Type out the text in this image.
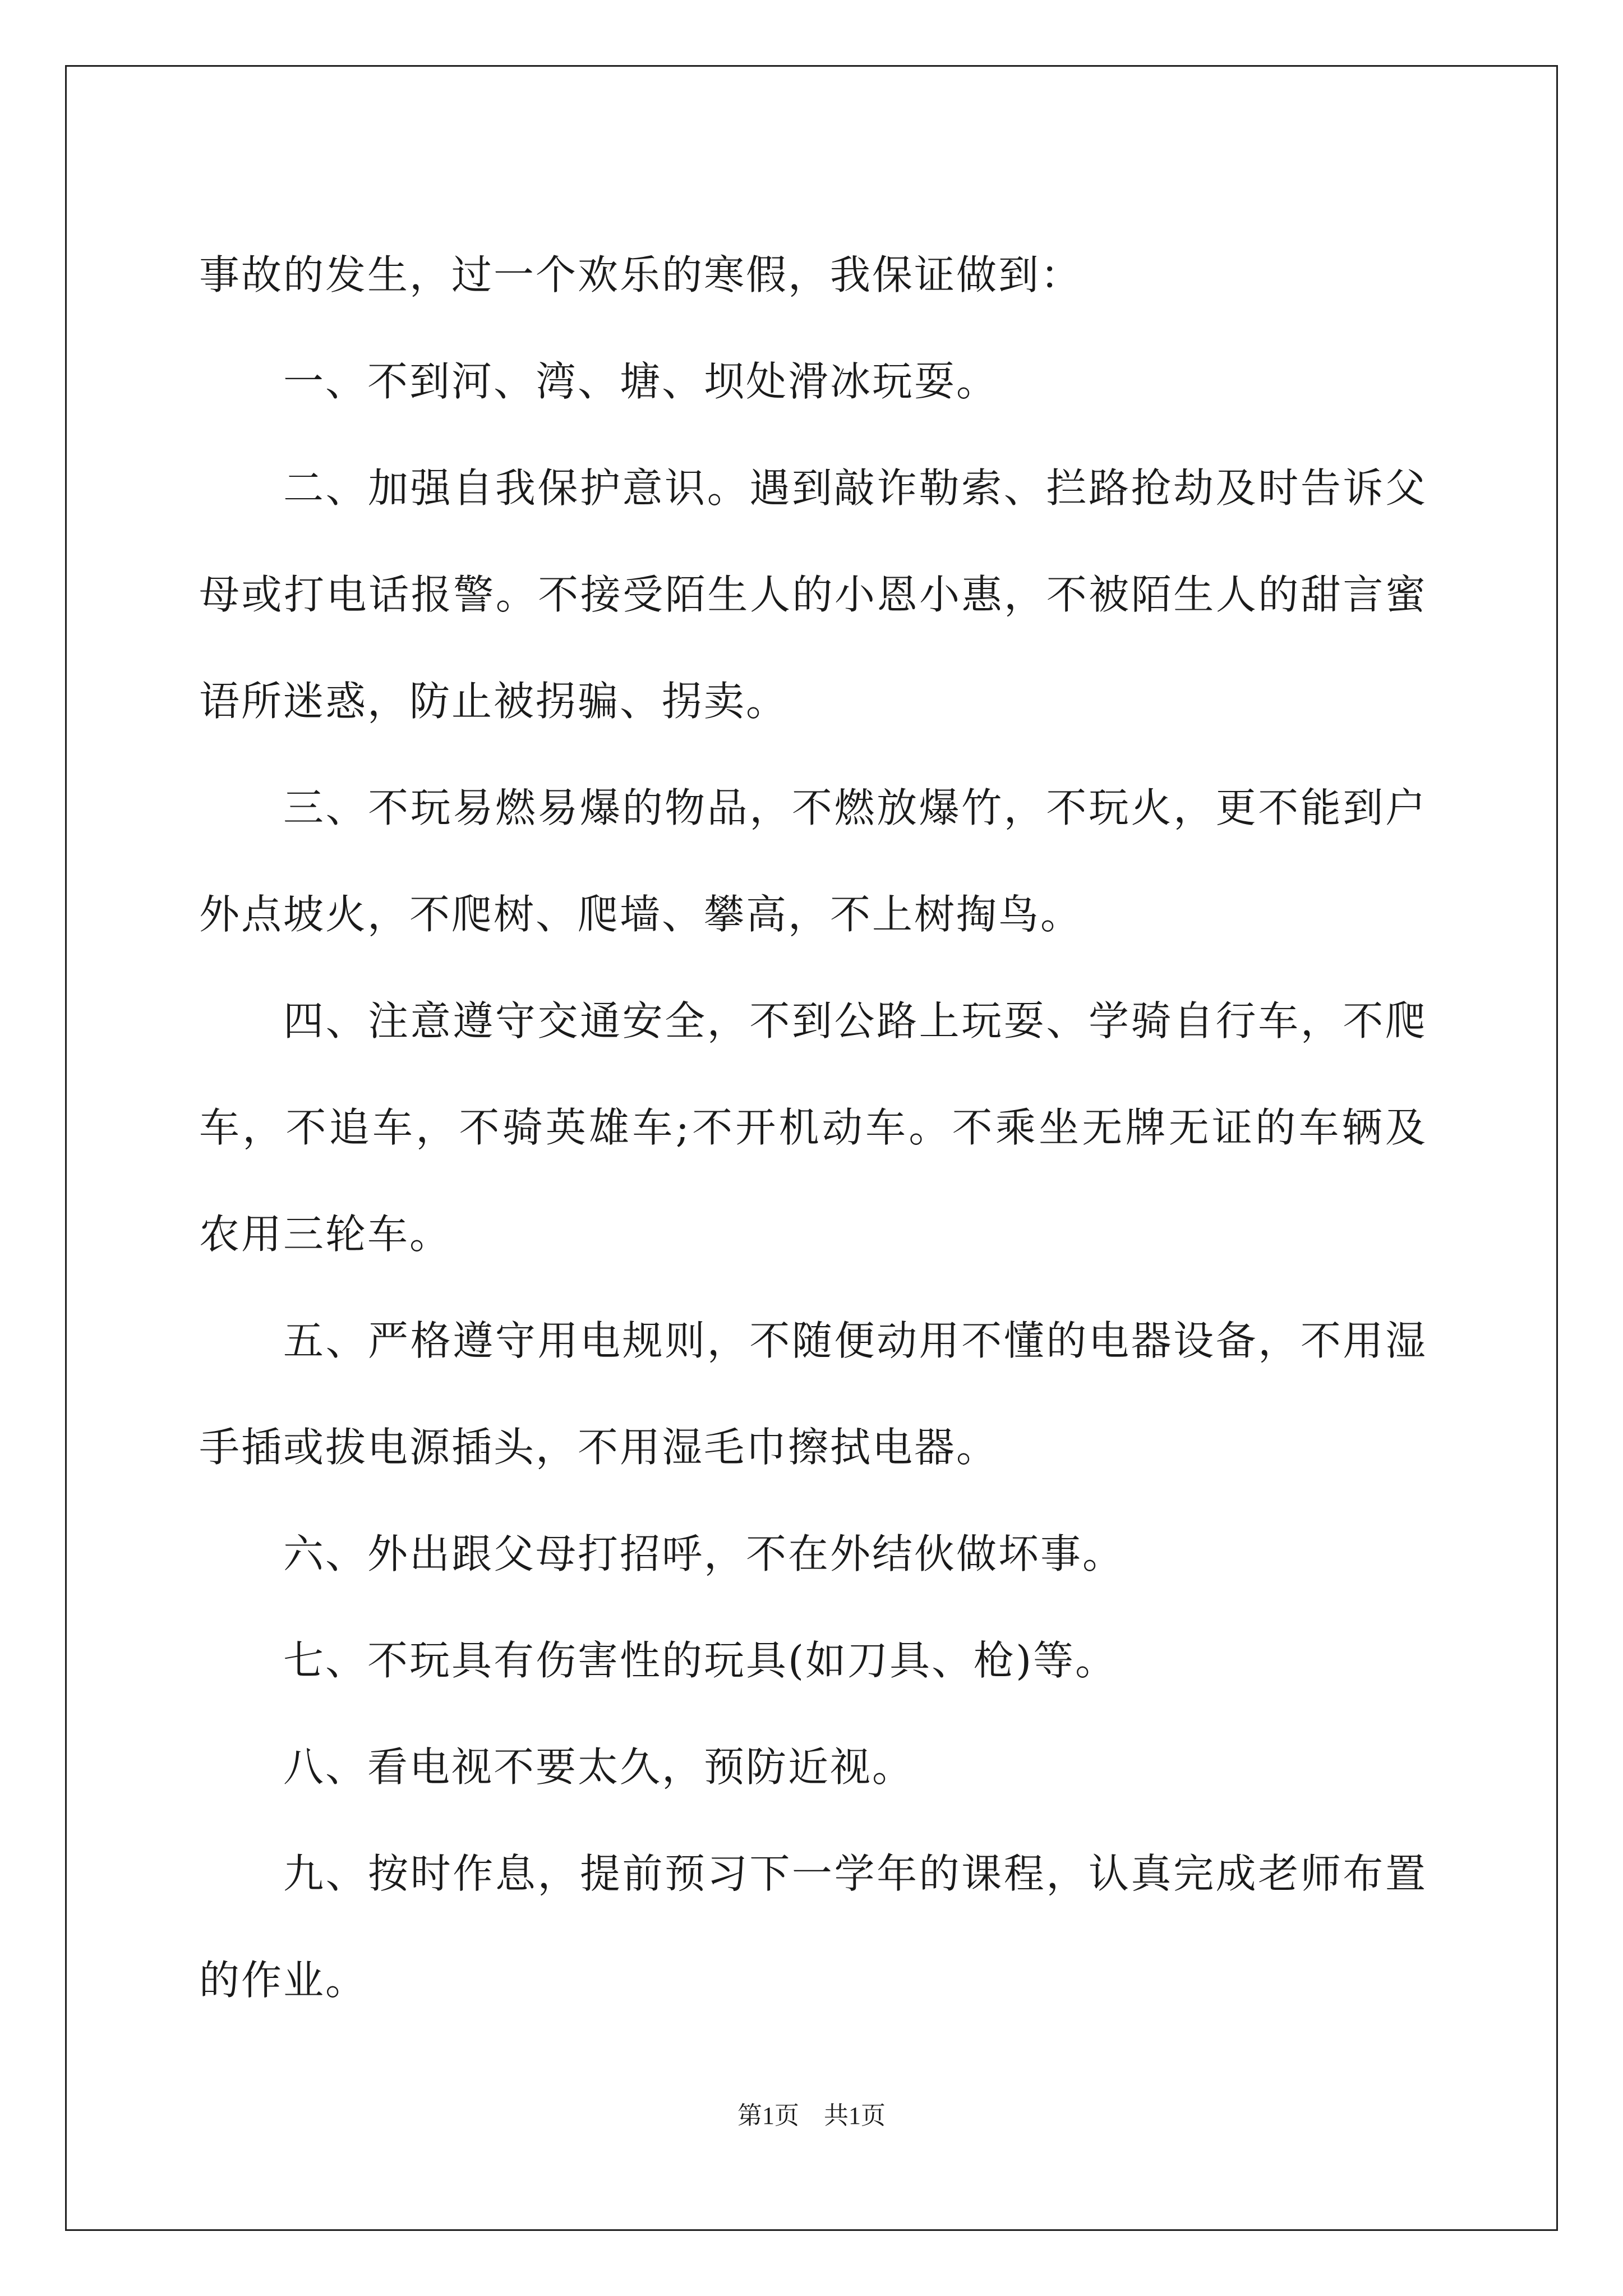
事故的发生，过一个欢乐的寒假，我保证做到：

一、不到河、湾、塘、坝处滑冰玩耍。

二、加强自我保护意识。遇到敲诈勒索、拦路抢劫及时告诉父母或打电话报警。不接受陌生人的小恩小惠，不被陌生人的甜言蜜语所迷惑，防止被拐骗、拐卖。

三、不玩易燃易爆的物品，不燃放爆竹，不玩火，更不能到户外点坡火，不爬树、爬墙、攀高，不上树掏鸟。

四、注意遵守交通安全，不到公路上玩耍、学骑自行车，不爬车，不追车，不骑英雄车;不开机动车。不乘坐无牌无证的车辆及农用三轮车。

五、严格遵守用电规则，不随便动用不懂的电器设备，不用湿手插或拔电源插头，不用湿毛巾擦拭电器。

六、外出跟父母打招呼，不在外结伙做坏事。

七、不玩具有伤害性的玩具(如刀具、枪)等。

八、看电视不要太久，预防近视。

九、按时作息，提前预习下一学年的课程，认真完成老师布置的作业。

第1页　共1页
